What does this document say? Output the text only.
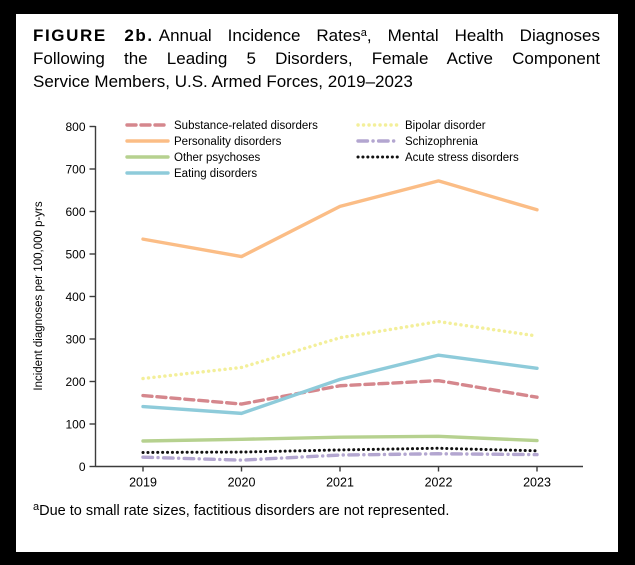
FIGURE 2b. Annual Incidence Rates$^a$, Mental Health Diagnoses

Following the Leading 5 Disorders, Female Active Component

Service Members, U.S. Armed Forces, 2019–2023

0
100
200
300
400
500
600
700
800
2019	2020	2021	2022	2023
Incident diagnoses per 100,000 p-yrs
Substance-related disorders
Personality disorders
Other psychoses
Eating disorders
Bipolar disorder
Schizophrenia
Acute stress disorders

$^a$Due to small rate sizes, factitious disorders are not represented.
